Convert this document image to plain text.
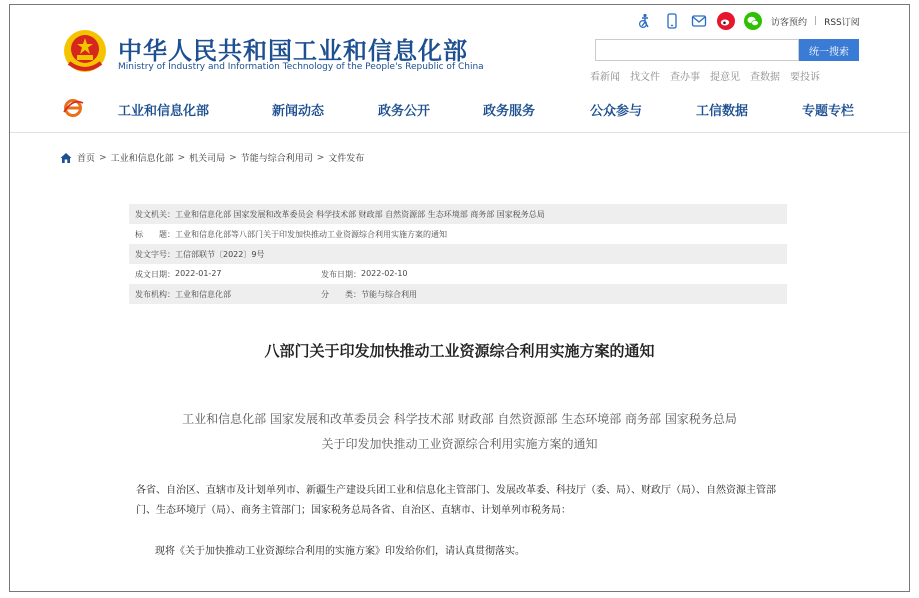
中华人民共和国工业和信息化部
Ministry of Industry and Information Technology of the People's Republic of China
访客预约 | RSS订阅
统一搜索
看新闻 找文件 查办事 提意见 查数据 要投诉
工业和信息化部	新闻动态	政务公开	政务服务	公众参与	工信数据	专题专栏
首页 > 工业和信息化部 > 机关司局 > 节能与综合利用司 > 文件发布
发文机关： 工业和信息化部 国家发展和改革委员会 科学技术部 财政部 自然资源部 生态环境部 商务部 国家税务总局
标　　题： 工业和信息化部等八部门关于印发加快推动工业资源综合利用实施方案的通知
发文字号： 工信部联节〔2022〕9号
成文日期： 2022-01-27	发布日期： 2022-02-10
发布机构： 工业和信息化部	分　　类： 节能与综合利用
八部门关于印发加快推动工业资源综合利用实施方案的通知
工业和信息化部 国家发展和改革委员会 科学技术部 财政部 自然资源部 生态环境部 商务部 国家税务总局
关于印发加快推动工业资源综合利用实施方案的通知

各省、自治区、直辖市及计划单列市、新疆生产建设兵团工业和信息化主管部门、发展改革委、科技厅（委、局）、财政厅（局）、自然资源主管部门、生态环境厅（局）、商务主管部门；国家税务总局各省、自治区、直辖市、计划单列市税务局：

现将《关于加快推动工业资源综合利用的实施方案》印发给你们，请认真贯彻落实。
